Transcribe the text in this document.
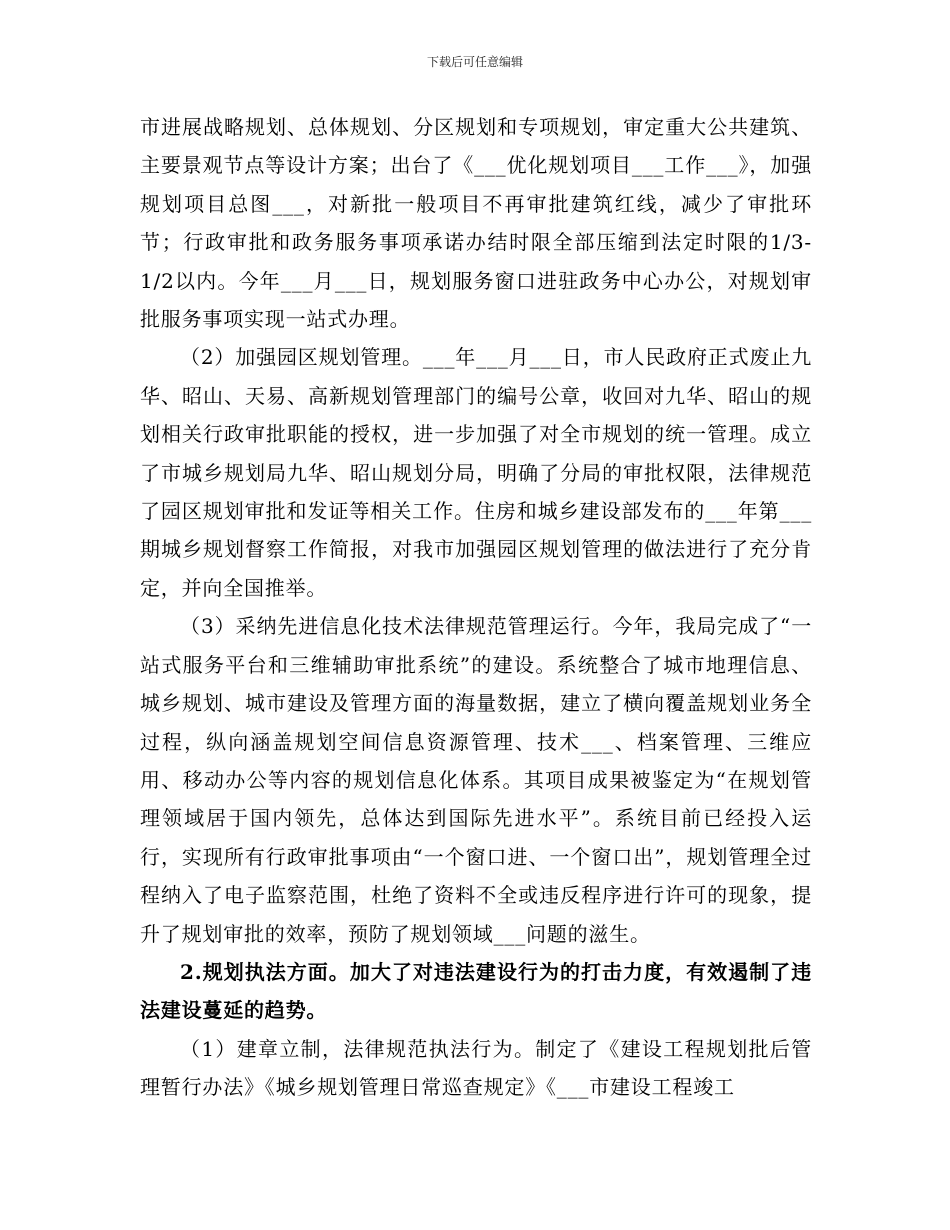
下载后可任意编辑

市进展战略规划、总体规划、分区规划和专项规划，审定重大公共建筑、主要景观节点等设计方案；出台了《___优化规划项目___工作___》，加强规划项目总图___，对新批一般项目不再审批建筑红线，减少了审批环节；行政审批和政务服务事项承诺办结时限全部压缩到法定时限的1/3-1/2以内。今年___月___日，规划服务窗口进驻政务中心办公，对规划审批服务事项实现一站式办理。

（2）加强园区规划管理。___年___月___日，市人民政府正式废止九华、昭山、天易、高新规划管理部门的编号公章，收回对九华、昭山的规划相关行政审批职能的授权，进一步加强了对全市规划的统一管理。成立了市城乡规划局九华、昭山规划分局，明确了分局的审批权限，法律规范了园区规划审批和发证等相关工作。住房和城乡建设部发布的___年第___期城乡规划督察工作简报，对我市加强园区规划管理的做法进行了充分肯定，并向全国推举。

（3）采纳先进信息化技术法律规范管理运行。今年，我局完成了“一站式服务平台和三维辅助审批系统”的建设。系统整合了城市地理信息、城乡规划、城市建设及管理方面的海量数据，建立了横向覆盖规划业务全过程，纵向涵盖规划空间信息资源管理、技术___、档案管理、三维应用、移动办公等内容的规划信息化体系。其项目成果被鉴定为“在规划管理领域居于国内领先，总体达到国际先进水平”。系统目前已经投入运行，实现所有行政审批事项由“一个窗口进、一个窗口出”，规划管理全过程纳入了电子监察范围，杜绝了资料不全或违反程序进行许可的现象，提升了规划审批的效率，预防了规划领域___问题的滋生。

2.规划执法方面。加大了对违法建设行为的打击力度，有效遏制了违法建设蔓延的趋势。

（1）建章立制，法律规范执法行为。制定了《建设工程规划批后管理暂行办法》《城乡规划管理日常巡查规定》《___市建设工程竣工
